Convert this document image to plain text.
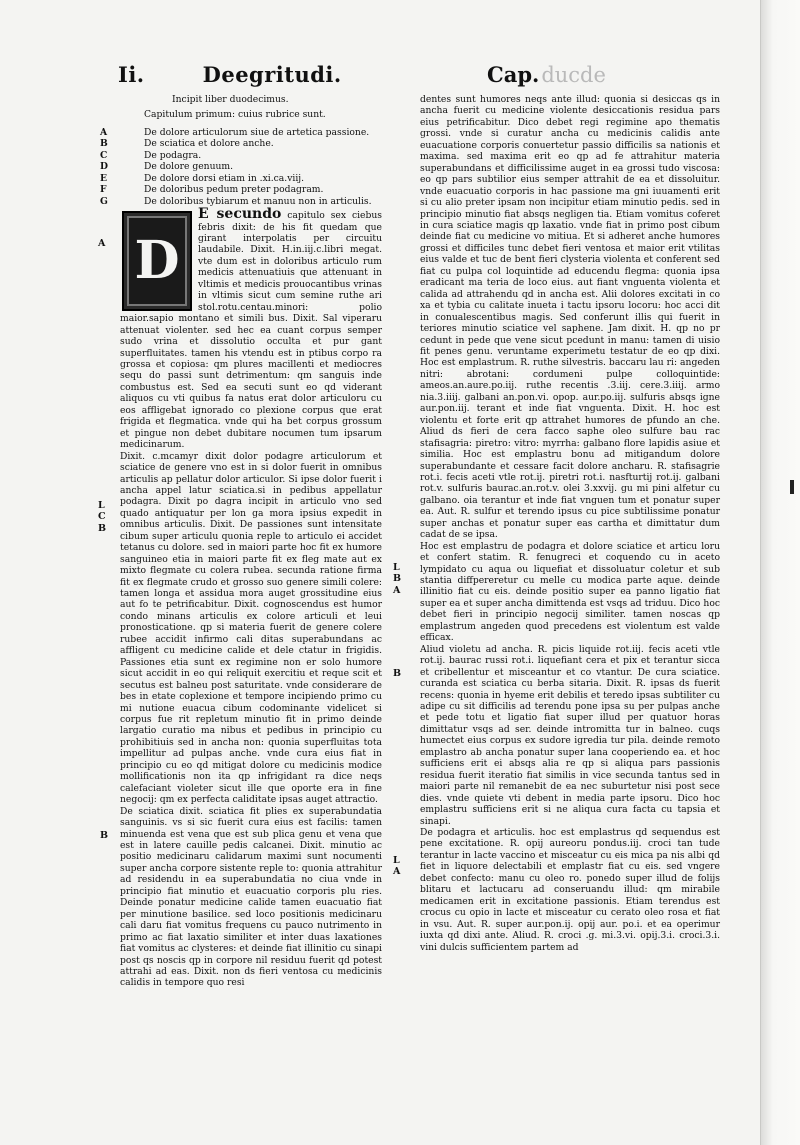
Ii.	Deegritudi.	Cap.ducde

Incipit liber duodecimus.

Capitulum primum: cuius rubrice sunt.

A	De dolore articulorum siue de artetica passione.
B	De sciatica et dolore anche.
C	De podagra.
D	De dolore genuum.
E	De dolore dorsi etiam in .xi.ca.viij.
F	De doloribus pedum preter podagram.
G	De doloribus tybiarum et manuu non in articulis.
D

E secundo capitulo sex ciebus febris dixit: de his fit quedam que girant interpolatis per circuitu laudabile. Dixit. H.in.iij.c.libri megat. vte dum est in doloribus articulo rum medicis attenuatiuis que attenuant in vltimis et medicis prouocantibus vrinas in vltimis sicut cum semine ruthe ari stol.rotu.centau.minori: polio maior.sapio montano et simili bus. Dixit. Sal viperaru attenuat violenter. sed hec ea cuant corpus semper sudo vrina et dissolutio occulta et pur gant superfluitates. tamen his vtendu est in ptibus corpo ra grossa et copiosa: qm plures macillenti et mediocres sequ do passi sunt detrimentum: qm sanguis inde combustus est. Sed ea secuti sunt eo qd viderant aliquos cu vti quibus fa natus erat dolor articuloru cu eos affligebat ignorado co plexione corpus que erat frigida et flegmatica. vnde qui ha bet corpus grossum et pingue non debet dubitare nocumen tum ipsarum medicinarum.

Dixit. c.mcamyr dixit dolor podagre articulorum et sciatice de genere vno est in si dolor fuerit in omnibus articulis ap pellatur dolor articulor. Si ipse dolor fuerit i ancha appel latur sciatica.si in pedibus appellatur podagra. Dixit po dagra incipit in articulo vno sed quado antiquatur per lon ga mora ipsius expedit in omnibus articulis. Dixit. De passiones sunt intensitate cibum super articulu quonia reple to articulo ei accidet tetanus cu dolore. sed in maiori parte hoc fit ex humore sanguineo etia in maiori parte fit ex fleg mate aut ex mixto flegmate cu colera rubea. secunda ratione firma fit ex flegmate crudo et grosso suo genere simili colere: tamen longa et assidua mora auget grossitudine eius aut fo te petrificabitur. Dixit. cognoscendus est humor condo minans articulis ex colore articuli et leui pronosticatione. qp si materia fuerit de genere colere rubee accidit infirmo cali ditas superabundans ac affligent cu medicine calide et dele ctatur in frigidis. Passiones etia sunt ex regimine non er solo humore sicut accidit in eo qui reliquit exercitiu et reque scit et secutus est balneu post saturitate. vnde considerare de bes in etate coplexione et tempore incipiendo primo cu mi nutione euacua cibum codominante videlicet si corpus fue rit repletum minutio fit in primo deinde largatio curatio ma nibus et pedibus in principio cu prohibitiuis sed in ancha non: quonia superfluitas tota impellitur ad pulpas anche. vnde cura eius fiat in principio cu eo qd mitigat dolore cu medicinis modice mollificationis non ita qp infrigidant ra dice neqs calefaciant violeter sicut ille que oporte era in fine negocij: qm ex perfecta caliditate ipsas auget attractio.

De sciatica dixit. sciatica fit plies ex superabundatia sanguinis. vs si sic fuerit cura eius est facilis: tamen minuenda est vena que est sub plica genu et vena que est in latere cauille pedis calcanei. Dixit. minutio ac positio medicinaru calidarum maximi sunt nocumenti super ancha corpore sistente reple to: quonia attrahitur ad residendu in ea superabundatia no ciua vnde in principio fiat minutio et euacuatio corporis plu ries. Deinde ponatur medicine calide tamen euacuatio fiat per minutione basilice. sed loco positionis medicinaru cali daru fiat vomitus frequens cu pauco nutrimento in primo ac fiat laxatio similiter et inter duas laxationes fiat vomitus ac clysteres: et deinde fiat illinitio cu sinapi post qs noscis qp in corpore nil residuu fuerit qd potest attrahi ad eas. Dixit. non ds fieri ventosa cu medicinis calidis in tempore quo resi

A
L
C
B
B

dentes sunt humores neqs ante illud: quonia si desiccas qs in ancha fuerit cu medicine violente desiccationis residua pars eius petrificabitur. Dico debet regi regimine apo thematis grossi. vnde si curatur ancha cu medicinis calidis ante euacuatione corporis conuertetur passio difficilis sa nationis et maxima. sed maxima erit eo qp ad fe attrahitur materia superabundans et difficilissime auget in ea grossi tudo viscosa: eo qp pars subtilior eius semper attrahit de ea et dissoluitur. vnde euacuatio corporis in hac passione ma gni iuuamenti erit si cu alio preter ipsam non incipitur etiam minutio pedis. sed in principio minutio fiat absqs negligen tia. Etiam vomitus coferet in cura sciatice magis qp laxatio. vnde fiat in primo post cibum deinde fiat cu medicine vo mitiua. Et si adheret anche humores grossi et difficiles tunc debet fieri ventosa et maior erit vtilitas eius valde et tuc de bent fieri clysteria violenta et conferent sed fiat cu pulpa col loquintide ad educendu flegma: quonia ipsa eradicant ma teria de loco eius. aut fiant vnguenta violenta et calida ad attrahendu qd in ancha est. Alii dolores excitati in co xa et tybia cu calitate inueta i tactu ipsoru locoru: hoc acci dit in conualescentibus magis. Sed conferunt illis qui fuerit in teriores minutio sciatice vel saphene. Jam dixit. H. qp no pr cedunt in pede que vene sicut pcedunt in manu: tamen di uisio fit penes genu. veruntame experimetu testatur de eo qp dixi. Hoc est emplastrum. R. ruthe silvestris. baccaru lau ri: angeden nitri: abrotani: cordumeni pulpe colloquintide: ameos.an.aure.po.iij. ruthe recentis .3.iij. cere.3.iiij. armo nia.3.iiij. galbani an.pon.vi. opop. aur.po.iij. sulfuris absqs igne aur.pon.iij. terant et inde fiat vnguenta. Dixit. H. hoc est violentu et forte erit qp attrahet humores de pfundo an che. Aliud ds fieri de cera facco saphe oleo sulfure bau rac stafisagria: piretro: vitro: myrrha: galbano flore lapidis asiue et similia. Hoc est emplastru bonu ad mitigandum dolore superabundante et cessare facit dolore ancharu. R. stafisagrie rot.i. fecis aceti vtle rot.ij. piretri rot.i. nasfturtij rot.ij. galbani rot.v. sulfuris baurac.an.rot.v. olei 3.xxvij. gu mi pini alfetur cu galbano. oia terantur et inde fiat vnguen tum et ponatur super ea. Aut. R. sulfur et terendo ipsus cu pice subtilissime ponatur super anchas et ponatur super eas cartha et dimittatur dum cadat de se ipsa.

Hoc est emplastru de podagra et dolore sciatice et articu loru et confert statim. R. fenugreci et coquendo cu in aceto lympidato cu aqua ou liquefiat et dissoluatur coletur et sub stantia diffpereretur cu melle cu modica parte aque. deinde illinitio fiat cu eis. deinde positio super ea panno ligatio fiat super ea et super ancha dimittenda est vsqs ad triduu. Dico hoc debet fieri in principio negocij similiter. tamen noscas qp emplastrum angeden quod precedens est violentum est valde efficax.

Aliud violetu ad ancha. R. picis liquide rot.iij. fecis aceti vtle rot.ij. baurac russi rot.i. liquefiant cera et pix et terantur sicca et cribellentur et misceantur et co vtantur. De cura sciatice. curanda est sciatica cu berba sitaria. Dixit. R. ipsas ds fuerit recens: quonia in hyeme erit debilis et teredo ipsas subtiliter cu adipe cu sit difficilis ad terendu pone ipsa su per pulpas anche et pede totu et ligatio fiat super illud per quatuor horas dimittatur vsqs ad ser. deinde intromitta tur in balneo. cuqs humectet eius corpus ex sudore igredia tur pila. deinde remoto emplastro ab ancha ponatur super lana cooperiendo ea. et hoc sufficiens erit ei absqs alia re qp si aliqua pars passionis residua fuerit iteratio fiat similis in vice secunda tantus sed in maiori parte nil remanebit de ea nec suburtetur nisi post sece dies. vnde quiete vti debent in media parte ipsoru. Dico hoc emplastru sufficiens erit si ne aliqua cura facta cu tapsia et sinapi.

De podagra et articulis. hoc est emplastrus qd sequendus est pene excitatione. R. opij aureoru pondus.iij. croci tan tude terantur in lacte vaccino et misceatur cu eis mica pa nis albi qd fiet in liquore delectabili et emplastr fiat cu eis. sed vngere debet confecto: manu cu oleo ro. ponedo super illud de folijs blitaru et lactucaru ad conseruandu illud: qm mirabile medicamen erit in excitatione passionis. Etiam terendus est crocus cu opio in lacte et misceatur cu cerato oleo rosa et fiat in vsu. Aut. R. super aur.pon.ij. opij aur. po.i. et ea operimur iuxta qd dixi ante. Aliud. R. croci .g. mi.3.vi. opij.3.i. croci.3.i. vini dulcis sufficientem partem ad

L
B
A
B
L
A
